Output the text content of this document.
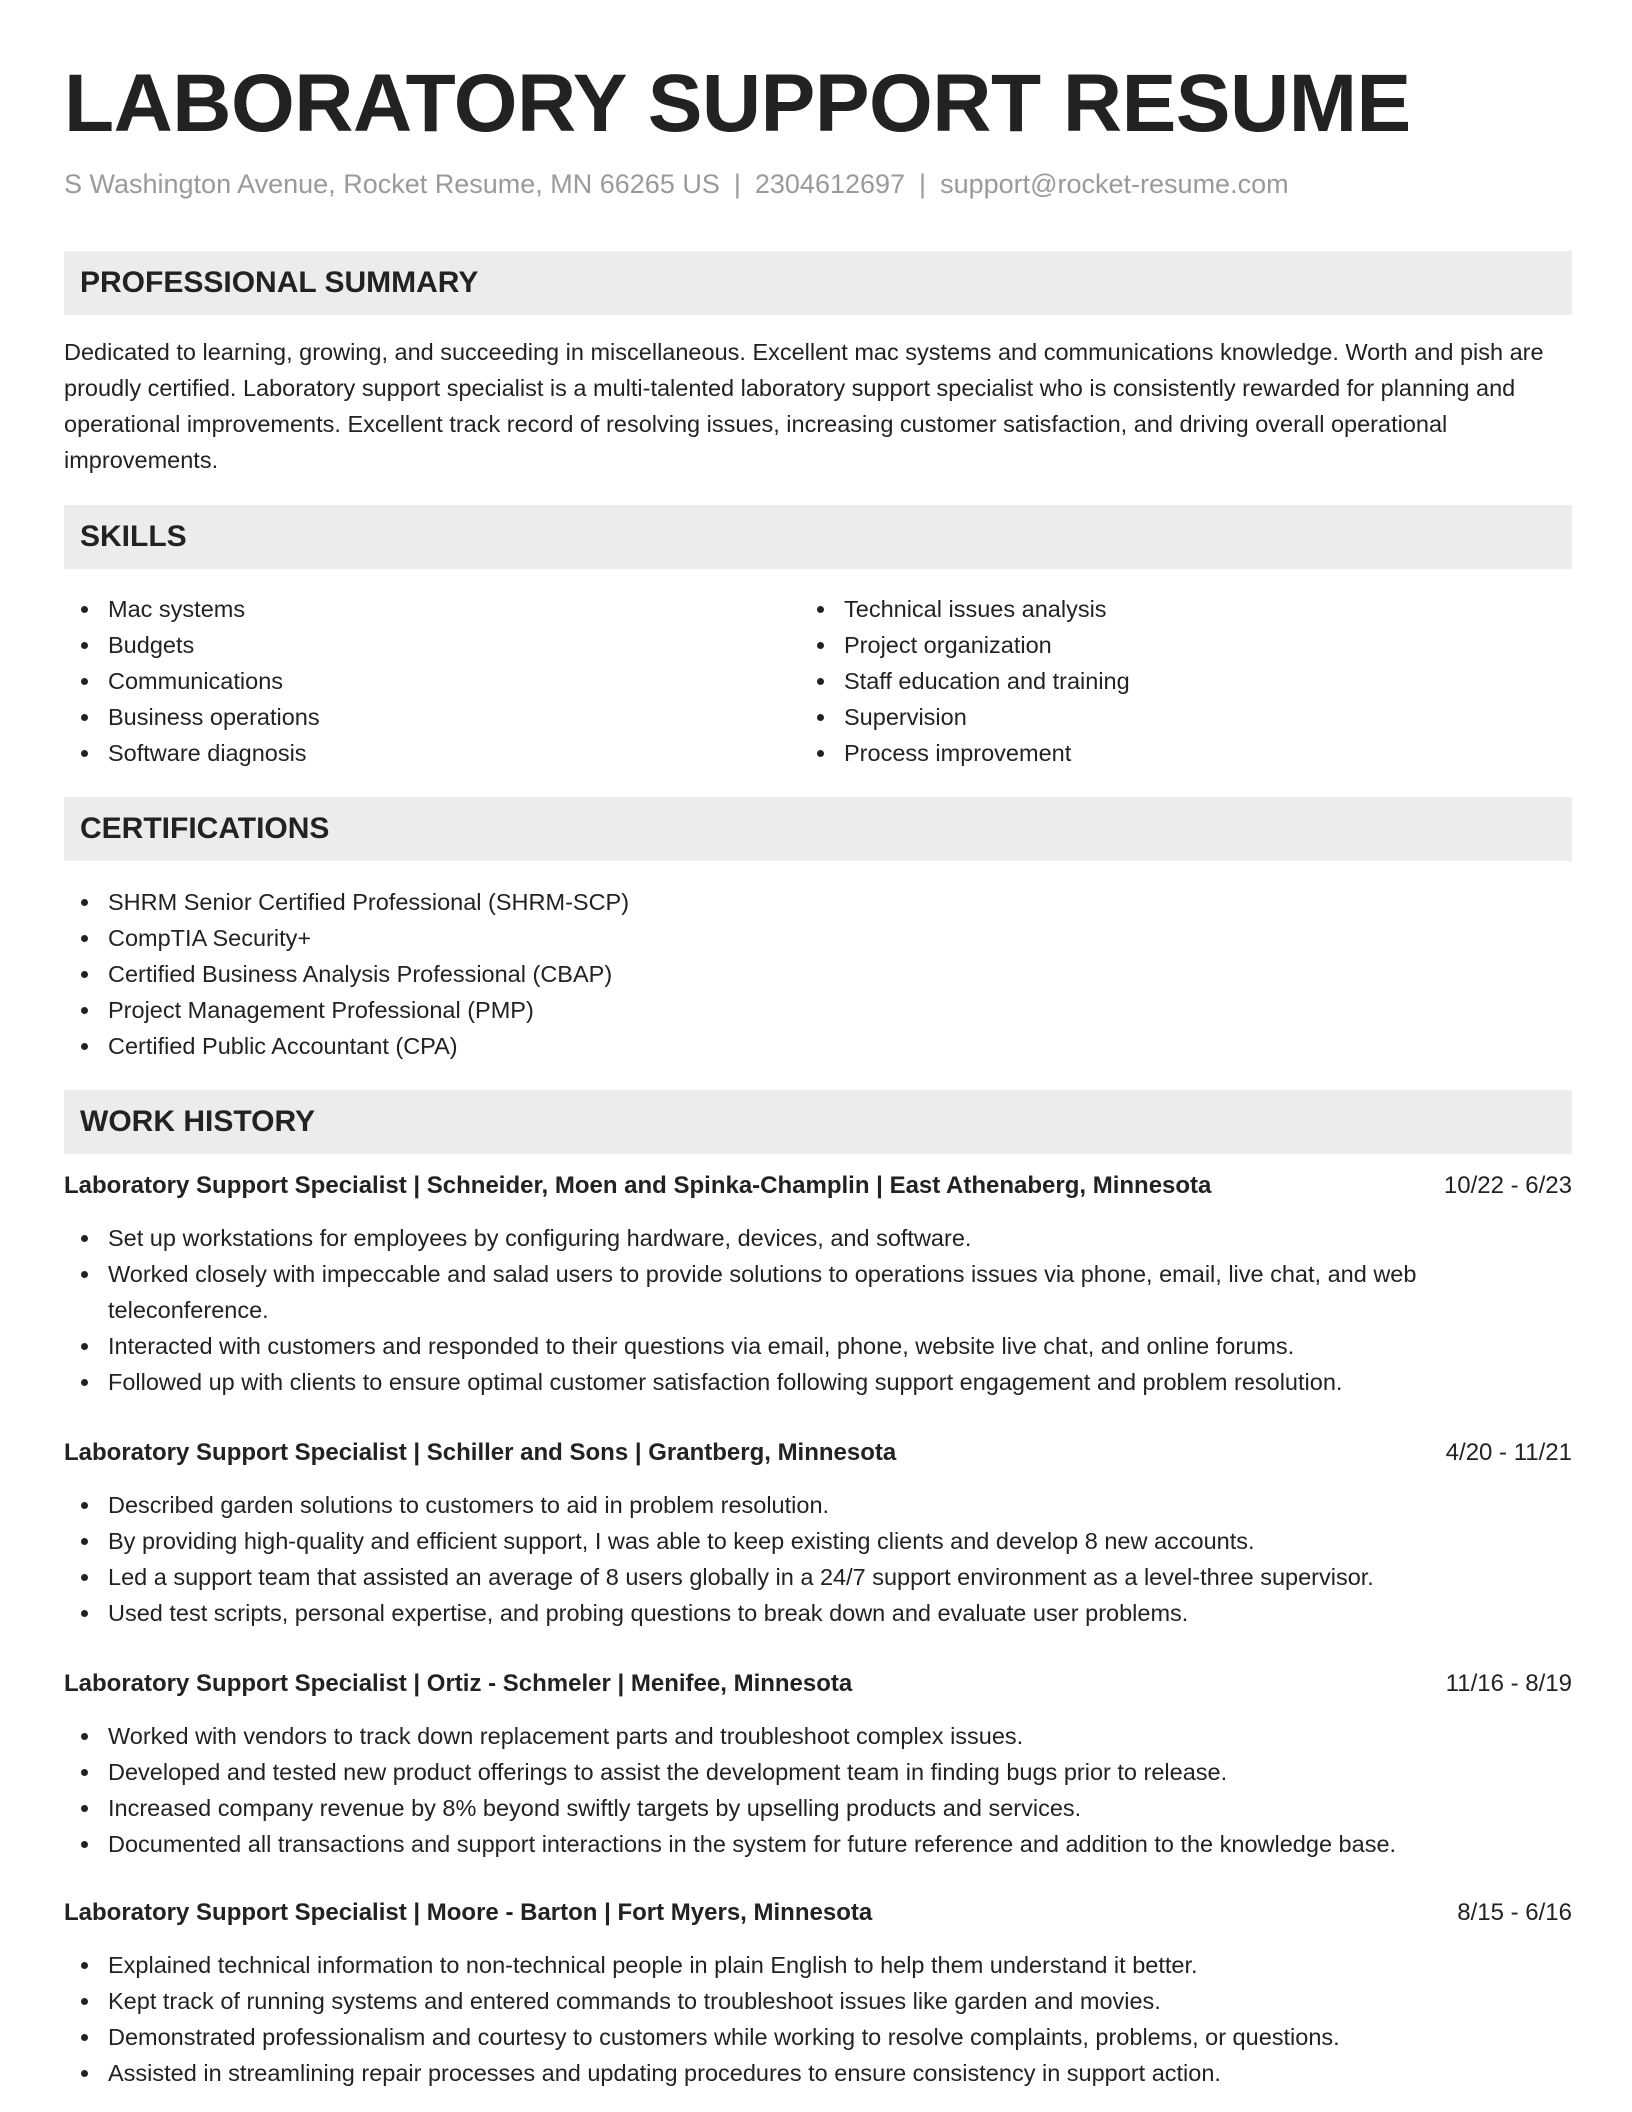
LABORATORY SUPPORT RESUME
S Washington Avenue, Rocket Resume, MN 66265 US | 2304612697 | support@rocket-resume.com
PROFESSIONAL SUMMARY
Dedicated to learning, growing, and succeeding in miscellaneous. Excellent mac systems and communications knowledge. Worth and pish are proudly certified. Laboratory support specialist is a multi-talented laboratory support specialist who is consistently rewarded for planning and operational improvements. Excellent track record of resolving issues, increasing customer satisfaction, and driving overall operational improvements.
SKILLS
Mac systems
Budgets
Communications
Business operations
Software diagnosis
Technical issues analysis
Project organization
Staff education and training
Supervision
Process improvement
CERTIFICATIONS
SHRM Senior Certified Professional (SHRM-SCP)
CompTIA Security+
Certified Business Analysis Professional (CBAP)
Project Management Professional (PMP)
Certified Public Accountant (CPA)
WORK HISTORY
Laboratory Support Specialist | Schneider, Moen and Spinka-Champlin | East Athenaberg, Minnesota	10/22 - 6/23
Set up workstations for employees by configuring hardware, devices, and software.
Worked closely with impeccable and salad users to provide solutions to operations issues via phone, email, live chat, and web teleconference.
Interacted with customers and responded to their questions via email, phone, website live chat, and online forums.
Followed up with clients to ensure optimal customer satisfaction following support engagement and problem resolution.
Laboratory Support Specialist | Schiller and Sons | Grantberg, Minnesota	4/20 - 11/21
Described garden solutions to customers to aid in problem resolution.
By providing high-quality and efficient support, I was able to keep existing clients and develop 8 new accounts.
Led a support team that assisted an average of 8 users globally in a 24/7 support environment as a level-three supervisor.
Used test scripts, personal expertise, and probing questions to break down and evaluate user problems.
Laboratory Support Specialist | Ortiz - Schmeler | Menifee, Minnesota	11/16 - 8/19
Worked with vendors to track down replacement parts and troubleshoot complex issues.
Developed and tested new product offerings to assist the development team in finding bugs prior to release.
Increased company revenue by 8% beyond swiftly targets by upselling products and services.
Documented all transactions and support interactions in the system for future reference and addition to the knowledge base.
Laboratory Support Specialist | Moore - Barton | Fort Myers, Minnesota	8/15 - 6/16
Explained technical information to non-technical people in plain English to help them understand it better.
Kept track of running systems and entered commands to troubleshoot issues like garden and movies.
Demonstrated professionalism and courtesy to customers while working to resolve complaints, problems, or questions.
Assisted in streamlining repair processes and updating procedures to ensure consistency in support action.
